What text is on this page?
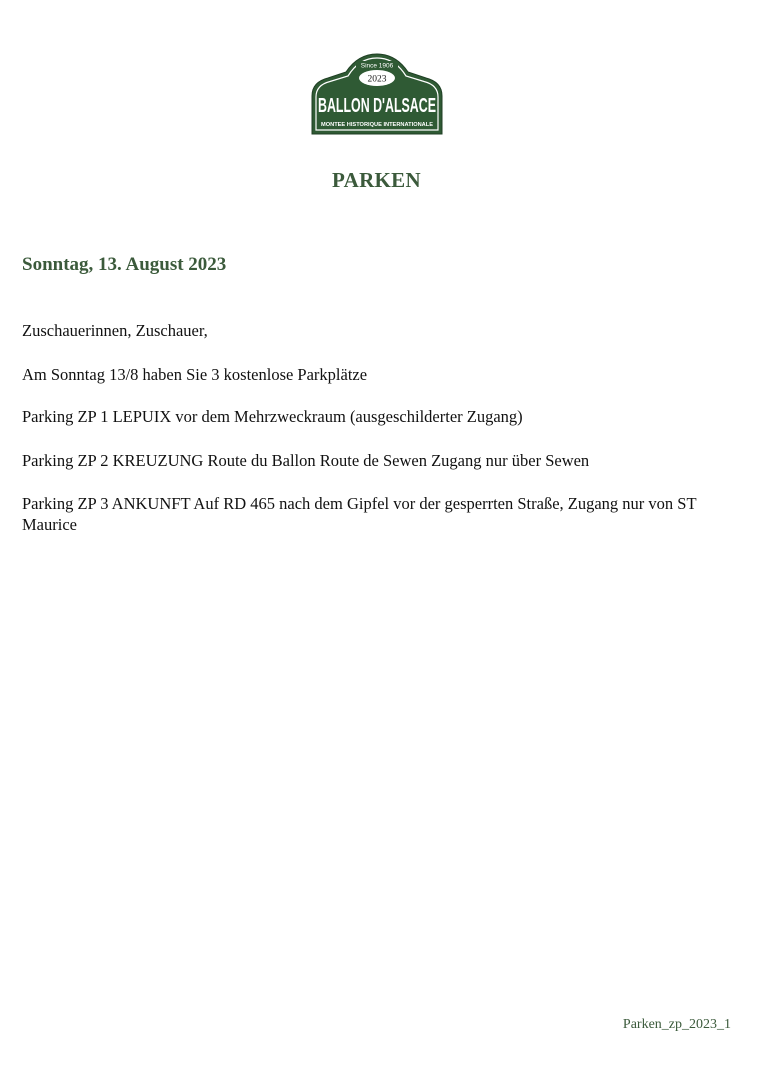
Since 1906
2023
BALLON D'ALSACE
MONTEE HISTORIQUE INTERNATIONALE
PARKEN
Sonntag, 13. August 2023

Zuschauerinnen, Zuschauer,

Am Sonntag 13/8 haben Sie 3 kostenlose Parkplätze

Parking ZP 1 LEPUIX vor dem Mehrzweckraum (ausgeschilderter Zugang)

Parking ZP 2 KREUZUNG Route du Ballon Route de Sewen Zugang nur über Sewen

Parking ZP 3 ANKUNFT Auf RD 465 nach dem Gipfel vor der gesperrten Straße, Zugang nur von ST Maurice

Parken_zp_2023_1
